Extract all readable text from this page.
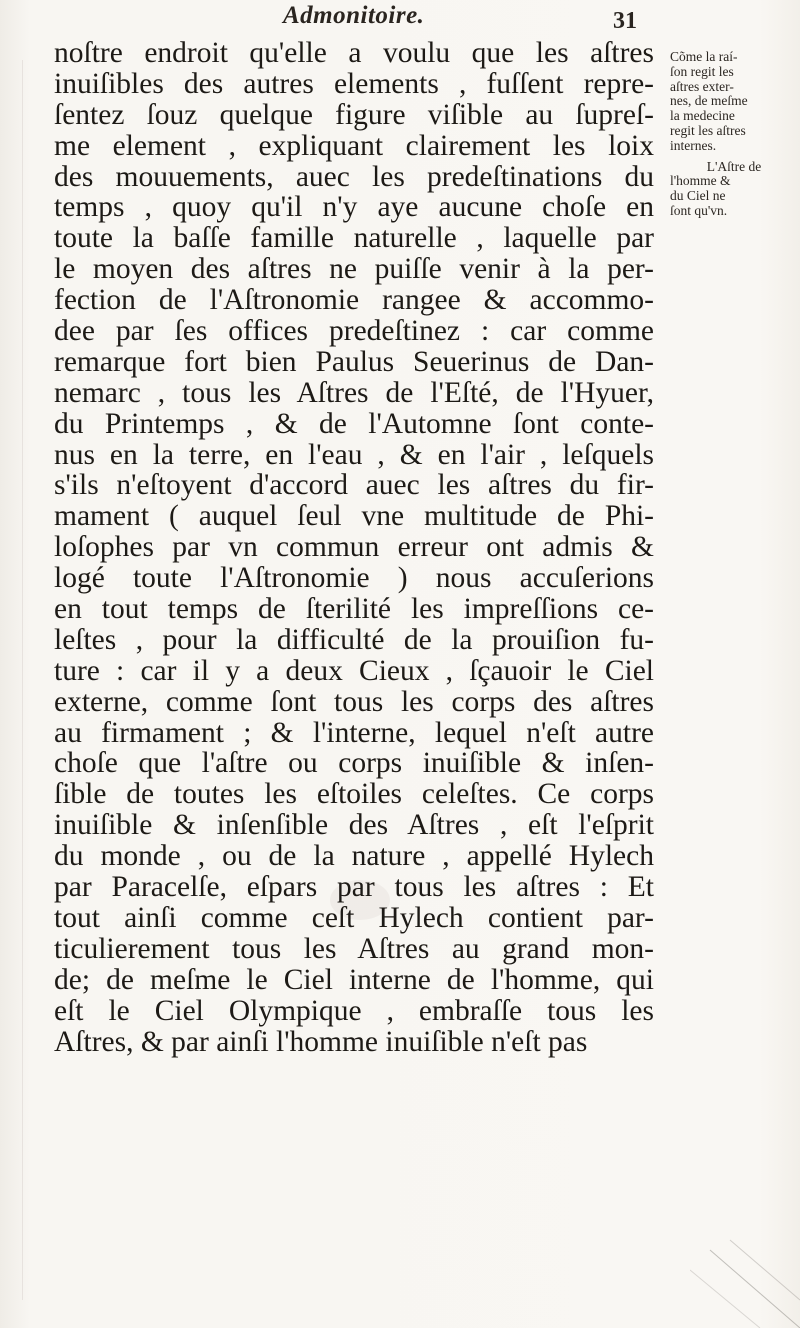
Admonitoire.	31
noſtre endroit qu'elle a voulu que les aſtres
inuiſibles des autres elements , fuſſent repre-
ſentez ſouz quelque figure viſible au ſupreſ-
me element , expliquant clairement les loix
des mouuements, auec les predeſtinations du
temps , quoy qu'il n'y aye aucune choſe en
toute la baſſe famille naturelle , laquelle par
le moyen des aſtres ne puiſſe venir à la per-
fection de l'Aſtronomie rangee & accommo-
dee par ſes offices predeſtinez : car comme
remarque fort bien Paulus Seuerinus de Dan-
nemarc , tous les Aſtres de l'Eſté, de l'Hyuer,
du Printemps , & de l'Automne ſont conte-
nus en la terre, en l'eau , & en l'air , leſquels
s'ils n'eſtoyent d'accord auec les aſtres du fir-
mament ( auquel ſeul vne multitude de Phi-
loſophes par vn commun erreur ont admis &
logé toute l'Aſtronomie ) nous accuſerions
en tout temps de ſterilité les impreſſions ce-
leſtes , pour la difficulté de la prouiſion fu-
ture : car il y a deux Cieux , ſçauoir le Ciel
externe, comme ſont tous les corps des aſtres
au firmament ; & l'interne, lequel n'eſt autre
choſe que l'aſtre ou corps inuiſible & inſen-
ſible de toutes les eſtoiles celeſtes. Ce corps
inuiſible & inſenſible des Aſtres , eſt l'eſprit
du monde , ou de la nature , appellé Hylech
par Paracelſe, eſpars par tous les aſtres : Et
tout ainſi comme ceſt Hylech contient par-
ticulierement tous les Aſtres au grand mon-
de; de meſme le Ciel interne de l'homme, qui
eſt le Ciel Olympique , embraſſe tous les
Aſtres, & par ainſi l'homme inuiſible n'eſt pas
Cõme la raí-
ſon regit les
aſtres exter-
nes, de meſme
la medecine
regit les aſtres
internes.
L'Aſtre de
l'homme &
du Ciel ne
ſont qu'vn.
